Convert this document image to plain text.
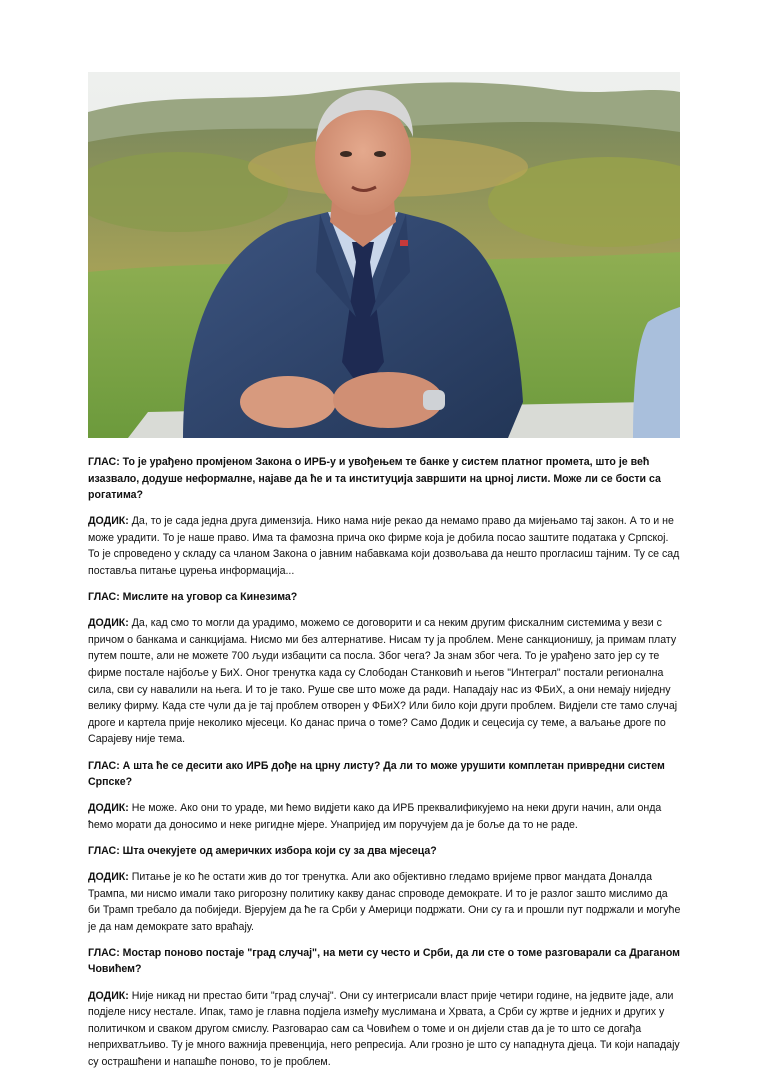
ГЛАС: То је урађено промјеном Закона о ИРБ-у и увођењем те банке у систем платног промета, што је већ изазвало, додуше неформалне, најаве да ће и та институција завршити на црној листи. Може ли се бости са рогатима?

ДОДИК: Да, то је сада једна друга димензија. Нико нама није рекао да немамо право да мијењамо тај закон. А то и не може урадити. То је наше право. Има та фамозна прича око фирме која је добила посао заштите података у Српској. То је спроведено у складу са чланом Закона о јавним набавкама који дозвољава да нешто прогласиш тајним. Ту се сад поставља питање цурења информација...

ГЛАС: Мислите на уговор са Кинезима?

ДОДИК: Да, кад смо то могли да урадимо, можемо се договорити и са неким другим фискалним системима у вези с причом о банкама и санкцијама. Нисмо ми без алтернативе. Нисам ту ја проблем. Мене санкционишу, ја примам плату путем поште, али не можете 700 људи избацити са посла. Због чега? Ја знам због чега. То је урађено зато јер су те фирме постале најбоље у БиХ. Оног тренутка када су Слободан Станковић и његов "Интеграл" постали регионална сила, сви су навалили на њега. И то је тако. Руше све што може да ради. Нападају нас из ФБиХ, а они немају ниједну велику фирму. Када сте чули да је тај проблем отворен у ФБиХ? Или било који други проблем. Видјели сте тамо случај дроге и картела прије неколико мјесеци. Ко данас прича о томе? Само Додик и сецесија су теме, а ваљање дроге по Сарајеву није тема.

ГЛАС: А шта ће се десити ако ИРБ дође на црну листу? Да ли то може урушити комплетан привредни систем Српске?

ДОДИК: Не може. Ако они то ураде, ми ћемо видјети како да ИРБ преквалификујемо на неки други начин, али онда ћемо морати да доносимо и неке ригидне мјере. Унапријед им поручујем да је боље да то не раде.

ГЛАС: Шта очекујете од америчких избора који су за два мјесеца?

ДОДИК: Питање је ко ће остати жив до тог тренутка. Али ако објективно гледамо вријеме првог мандата Доналда Трампа, ми нисмо имали тако ригорозну политику какву данас спроводе демократе. И то је разлог зашто мислимо да би Трамп требало да побиједи. Вјерујем да ће га Срби у Америци подржати. Они су га и прошли пут подржали и могуће је да нам демократе зато враћају.

ГЛАС: Мостар поново постаје "град случај", на мети су често и Срби, да ли сте о томе разговарали са Драганом Човићем?

ДОДИК: Није никад ни престао бити "град случај". Они су интегрисали власт прије четири године, на једвите јаде, али подјеле нису нестале. Ипак, тамо је главна подјела између муслимана и Хрвата, а Срби су жртве и једних и других у политичком и сваком другом смислу. Разговарао сам са Човићем о томе и он дијели став да је то што се догађа неприхватљиво. Ту је много важнија превенција, него репресија. Али грозно је што су нападнута дјеца. Ти који нападају су острашћени и напашће поново, то је проблем.
